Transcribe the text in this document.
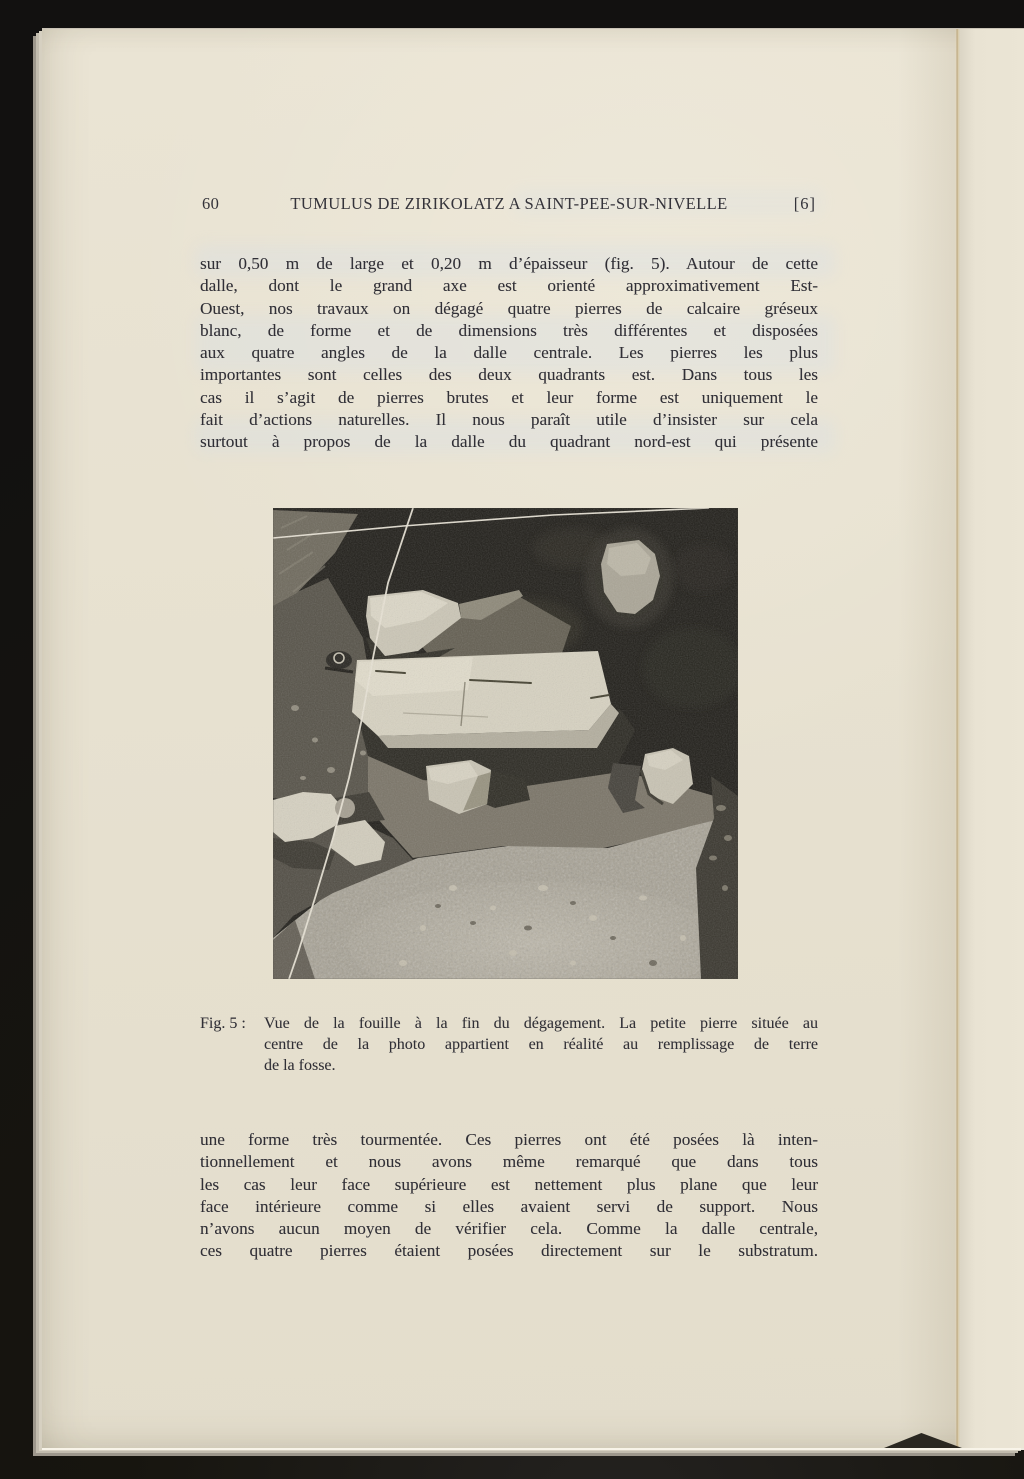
60	TUMULUS DE ZIRIKOLATZ A SAINT-PEE-SUR-NIVELLE	[6]
sur 0,50 m de large et 0,20 m d’épaisseur (fig. 5). Autour de cette
dalle, dont le grand axe est orienté approximativement Est-
Ouest, nos travaux on dégagé quatre pierres de calcaire gréseux
blanc, de forme et de dimensions très différentes et disposées
aux quatre angles de la dalle centrale. Les pierres les plus
importantes sont celles des deux quadrants est. Dans tous les
cas il s’agit de pierres brutes et leur forme est uniquement le
fait d’actions naturelles. Il nous paraît utile d’insister sur cela
surtout à propos de la dalle du quadrant nord-est qui présente
Fig. 5 : Vue de la fouille à la fin du dégagement. La petite pierre située au
centre de la photo appartient en réalité au remplissage de terre
de la fosse.
une forme très tourmentée. Ces pierres ont été posées là inten-
tionnellement et nous avons même remarqué que dans tous
les cas leur face supérieure est nettement plus plane que leur
face intérieure comme si elles avaient servi de support. Nous
n’avons aucun moyen de vérifier cela. Comme la dalle centrale,
ces quatre pierres étaient posées directement sur le substratum.
